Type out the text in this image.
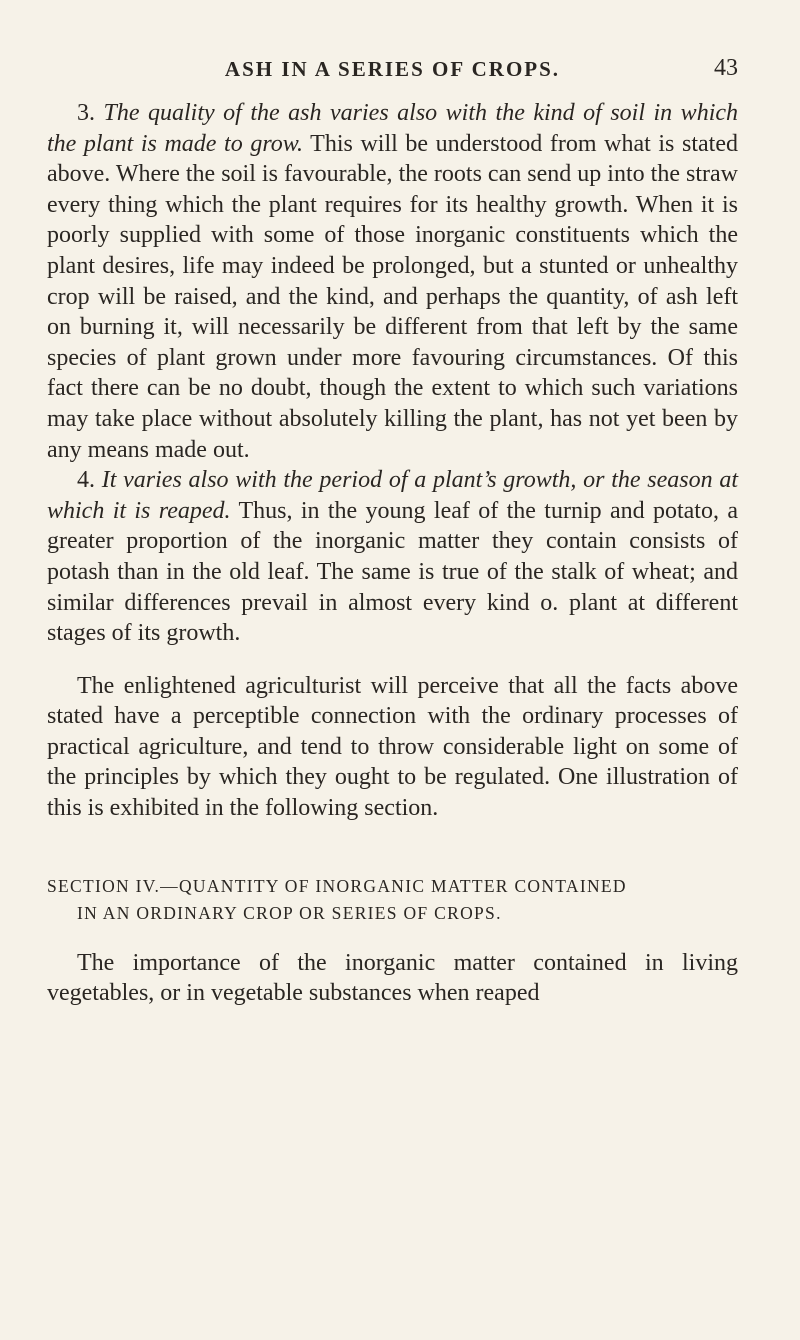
ASH IN A SERIES OF CROPS.	43

3. The quality of the ash varies also with the kind of soil in which the plant is made to grow. This will be understood from what is stated above. Where the soil is favourable, the roots can send up into the straw every thing which the plant requires for its healthy growth. When it is poorly supplied with some of those inorganic constituents which the plant desires, life may indeed be prolonged, but a stunted or unhealthy crop will be raised, and the kind, and perhaps the quantity, of ash left on burning it, will necessarily be different from that left by the same species of plant grown under more favouring circumstances. Of this fact there can be no doubt, though the extent to which such variations may take place without absolutely killing the plant, has not yet been by any means made out.

4. It varies also with the period of a plant’s growth, or the season at which it is reaped. Thus, in the young leaf of the turnip and potato, a greater proportion of the inorganic matter they contain consists of potash than in the old leaf. The same is true of the stalk of wheat; and similar differences prevail in almost every kind o. plant at different stages of its growth.

The enlightened agriculturist will perceive that all the facts above stated have a perceptible connection with the ordinary processes of practical agriculture, and tend to throw considerable light on some of the principles by which they ought to be regulated. One illustration of this is exhibited in the following section.

SECTION IV.—QUANTITY OF INORGANIC MATTER CONTAINED
IN AN ORDINARY CROP OR SERIES OF CROPS.

The importance of the inorganic matter contained in living vegetables, or in vegetable substances when reaped
